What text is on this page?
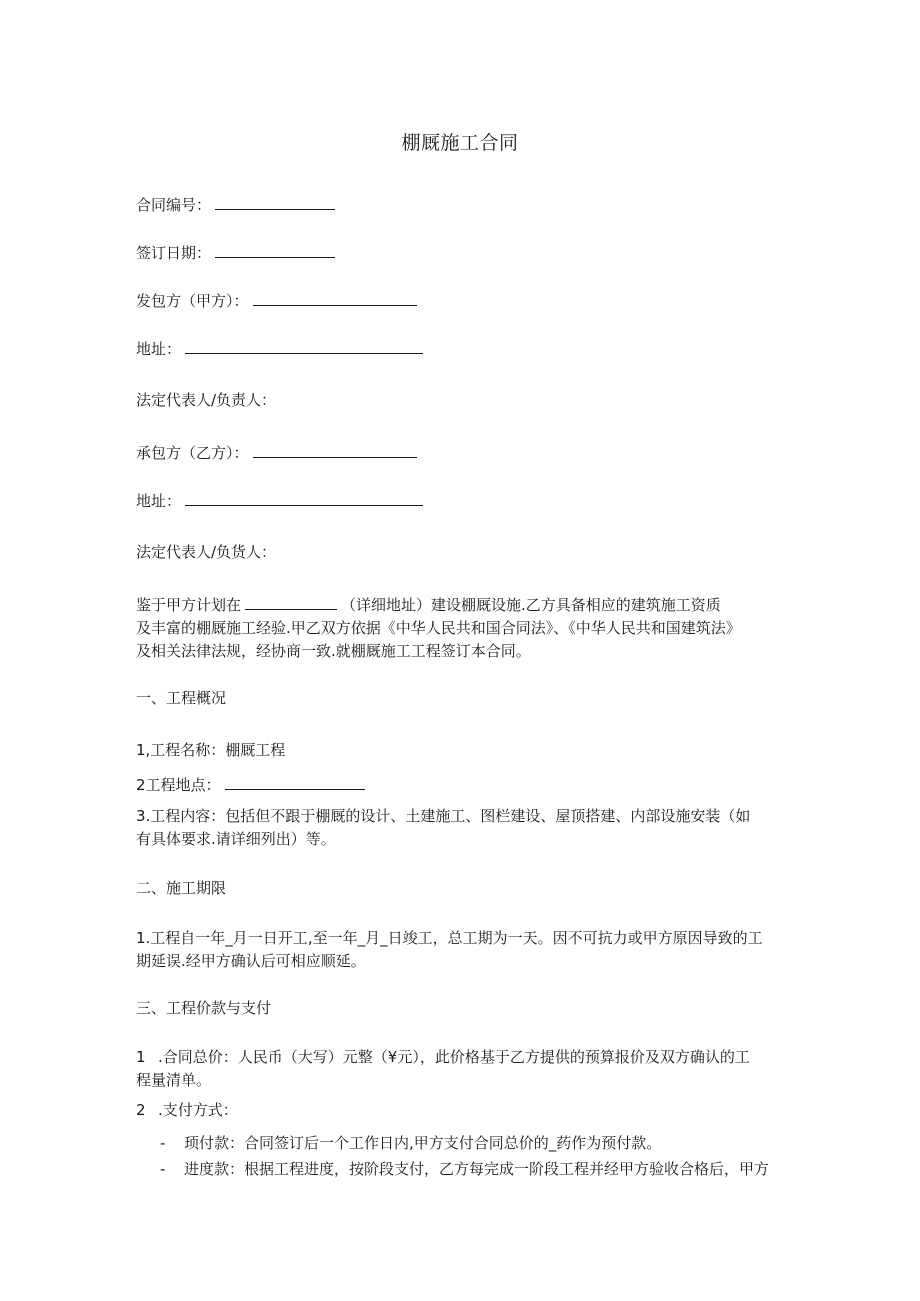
棚厩施工合同
合同编号：
签订日期：
发包方（甲方）：
地址：
法定代表人/负责人：
承包方（乙方）：
地址：
法定代表人/负货人：
鉴于甲方计划在	（详细地址）建设棚厩设施.乙方具备相应的建筑施工资质
及丰富的棚厩施工经验.甲乙双方依据《中华人民共和国合同法》、《中华人民共和国建筑法》
及相关法律法规，经协商一致.就棚厩施工工程签订本合同。
一、工程概况
1,工程名称：棚厩工程
2工程地点：
3.工程内容：包括但不跟于棚厩的设计、土建施工、图栏建设、屋顶搭建、内部设施安装（如
有具体要求.请详细列出）等。
二、施工期限
1.工程自一年_月一日开工,至一年_月_日竣工，总工期为一天。因不可抗力或甲方原因导致的工
期延误.经甲方确认后可相应顺延。
三、工程价款与支付
1 .合同总价：人民币（大写）元整（¥元），此价格基于乙方提供的预算报价及双方确认的工
程量清单。
2 .支付方式：
- 顼付款：合同签订后一个工作日内,甲方支付合同总价的_药作为预付款。
- 进度款：根据工程进度，按阶段支付，乙方每完成一阶段工程并经甲方验收合格后，甲方
